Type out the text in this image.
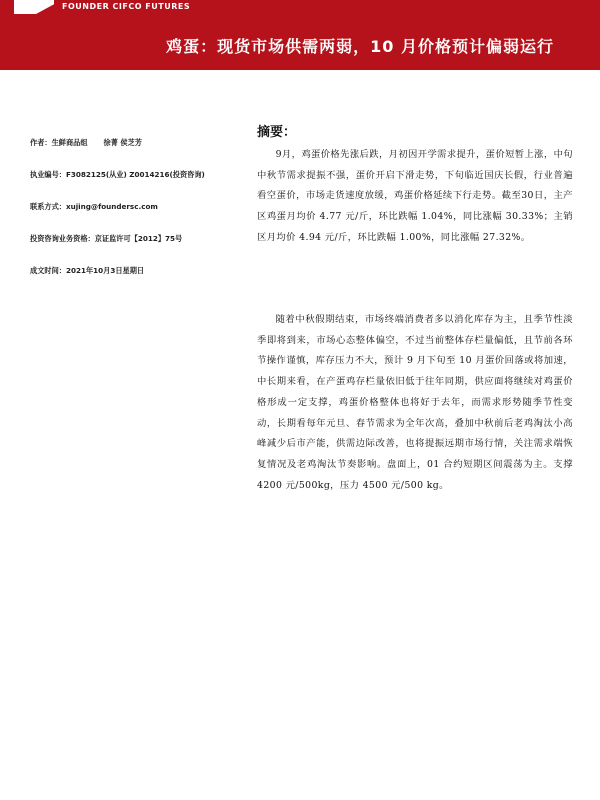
FOUNDER CIFCO FUTURES
鸡蛋：现货市场供需两弱，10 月价格预计偏弱运行
作者：生鲜商品组 徐菁 侯芝芳
执业编号：F3082125(从业) Z0014216(投资咨询)
联系方式：xujing@foundersc.com
投资咨询业务资格：京证监许可【2012】75号
成文时间：2021年10月3日星期日
摘要：

9月，鸡蛋价格先涨后跌，月初因开学需求提升，蛋价短暂上涨，中旬中秋节需求提振不强，蛋价开启下滑走势，下旬临近国庆长假，行业普遍看空蛋价，市场走货速度放缓，鸡蛋价格延续下行走势。截至30日，主产区鸡蛋月均价 4.77 元/斤，环比跌幅 1.04%，同比涨幅 30.33%；主销区月均价 4.94 元/斤，环比跌幅 1.00%，同比涨幅 27.32%。

随着中秋假期结束，市场终端消费者多以消化库存为主，且季节性淡季即将到来，市场心态整体偏空，不过当前整体存栏量偏低，且节前各环节操作谨慎，库存压力不大，预计 9 月下旬至 10 月蛋价回落或将加速，中长期来看，在产蛋鸡存栏量依旧低于往年同期，供应面将继续对鸡蛋价格形成一定支撑，鸡蛋价格整体也将好于去年，而需求形势随季节性变动，长期看每年元旦、春节需求为全年次高，叠加中秋前后老鸡淘汰小高峰减少后市产能，供需边际改善，也将提振远期市场行情，关注需求端恢复情况及老鸡淘汰节奏影响。盘面上，01 合约短期区间震荡为主。支撑 4200 元/500kg，压力 4500 元/500 kg。
